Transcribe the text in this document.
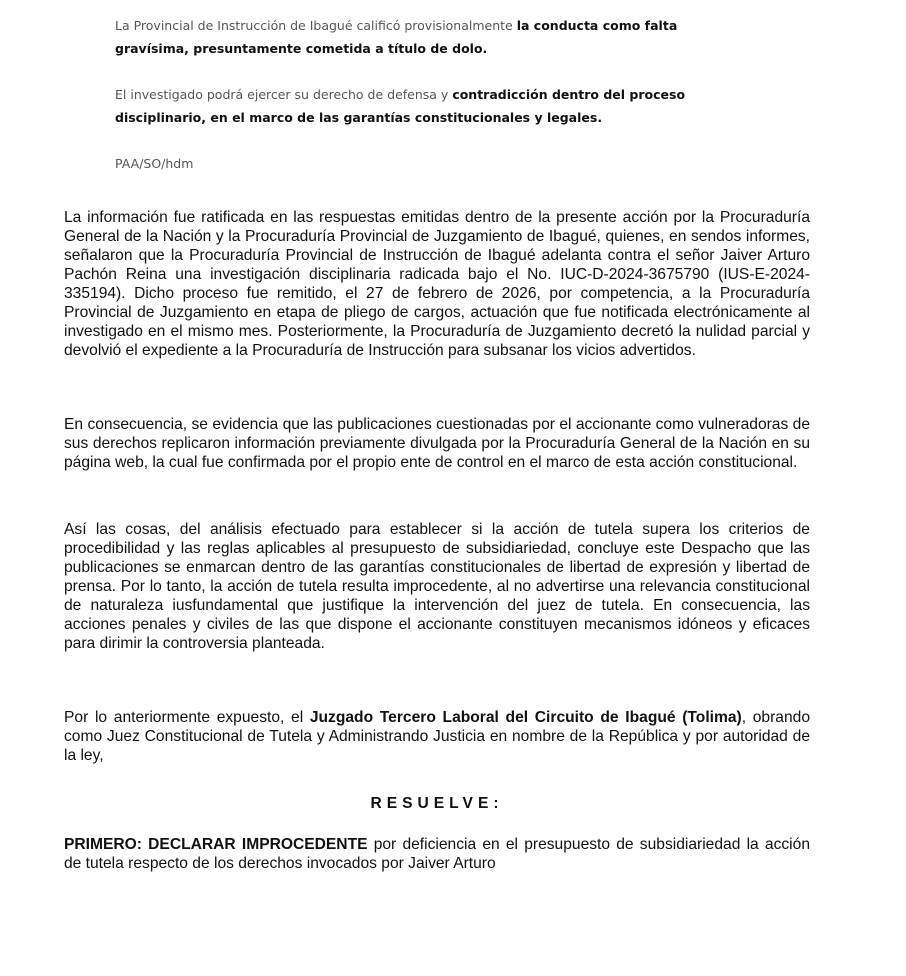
La Provincial de Instrucción de Ibagué calificó provisionalmente la conducta como falta gravísima, presuntamente cometida a título de dolo.

El investigado podrá ejercer su derecho de defensa y contradicción dentro del proceso disciplinario, en el marco de las garantías constitucionales y legales.

PAA/SO/hdm

La información fue ratificada en las respuestas emitidas dentro de la presente acción por la Procuraduría General de la Nación y la Procuraduría Provincial de Juzgamiento de Ibagué, quienes, en sendos informes, señalaron que la Procuraduría Provincial de Instrucción de Ibagué adelanta contra el señor Jaiver Arturo Pachón Reina una investigación disciplinaria radicada bajo el No. IUC-D-2024-3675790 (IUS-E-2024-335194). Dicho proceso fue remitido, el 27 de febrero de 2026, por competencia, a la Procuraduría Provincial de Juzgamiento en etapa de pliego de cargos, actuación que fue notificada electrónicamente al investigado en el mismo mes. Posteriormente, la Procuraduría de Juzgamiento decretó la nulidad parcial y devolvió el expediente a la Procuraduría de Instrucción para subsanar los vicios advertidos.

En consecuencia, se evidencia que las publicaciones cuestionadas por el accionante como vulneradoras de sus derechos replicaron información previamente divulgada por la Procuraduría General de la Nación en su página web, la cual fue confirmada por el propio ente de control en el marco de esta acción constitucional.

Así las cosas, del análisis efectuado para establecer si la acción de tutela supera los criterios de procedibilidad y las reglas aplicables al presupuesto de subsidiariedad, concluye este Despacho que las publicaciones se enmarcan dentro de las garantías constitucionales de libertad de expresión y libertad de prensa. Por lo tanto, la acción de tutela resulta improcedente, al no advertirse una relevancia constitucional de naturaleza iusfundamental que justifique la intervención del juez de tutela. En consecuencia, las acciones penales y civiles de las que dispone el accionante constituyen mecanismos idóneos y eficaces para dirimir la controversia planteada.

Por lo anteriormente expuesto, el Juzgado Tercero Laboral del Circuito de Ibagué (Tolima), obrando como Juez Constitucional de Tutela y Administrando Justicia en nombre de la República y por autoridad de la ley,

RESUELVE:

PRIMERO: DECLARAR IMPROCEDENTE por deficiencia en el presupuesto de subsidiariedad la acción de tutela respecto de los derechos invocados por Jaiver Arturo
